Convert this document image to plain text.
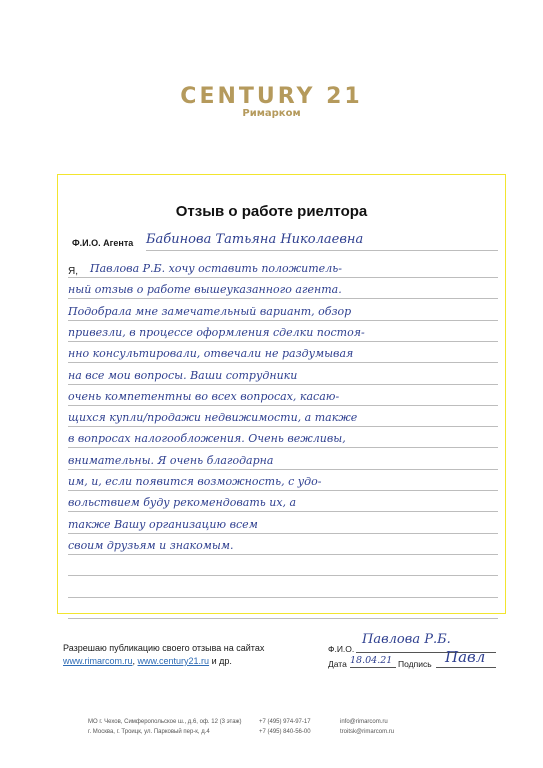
CENTURY 21
Римарком
Отзыв о работе риелтора
Ф.И.О. Агента Бабинова Татьяна Николаевна
Я, Павлова Р.Б. хочу оставить положитель-
ный отзыв о работе вышеуказанного агента.
Подобрала мне замечательный вариант, обзор
привезли, в процессе оформления сделки постоя-
нно консультировали, отвечали не раздумывая
на все мои вопросы. Ваши сотрудники
очень компетентны во всех вопросах, касаю-
щихся купли/продажи недвижимости, а также
в вопросах налогообложения. Очень вежливы,
внимательны. Я очень благодарна
им, и, если появится возможность, с удо-
вольствием буду рекомендовать их, а
также Вашу организацию всем
своим друзьям и знакомым.
Разрешаю публикацию своего отзыва на сайтах
www.rimarcom.ru, www.century21.ru и др.
Ф.И.О.
Павлова Р.Б.
Дата 18.04.21 Подпись Павл
МО г. Чехов, Симферопольское ш., д.6, оф. 12 (3 этаж)
г. Москва, г. Троицк, ул. Парковый пер-к, д.4
+7 (495) 974-97-17
+7 (495) 840-56-00
info@rimarcom.ru
troitsk@rimarcom.ru
